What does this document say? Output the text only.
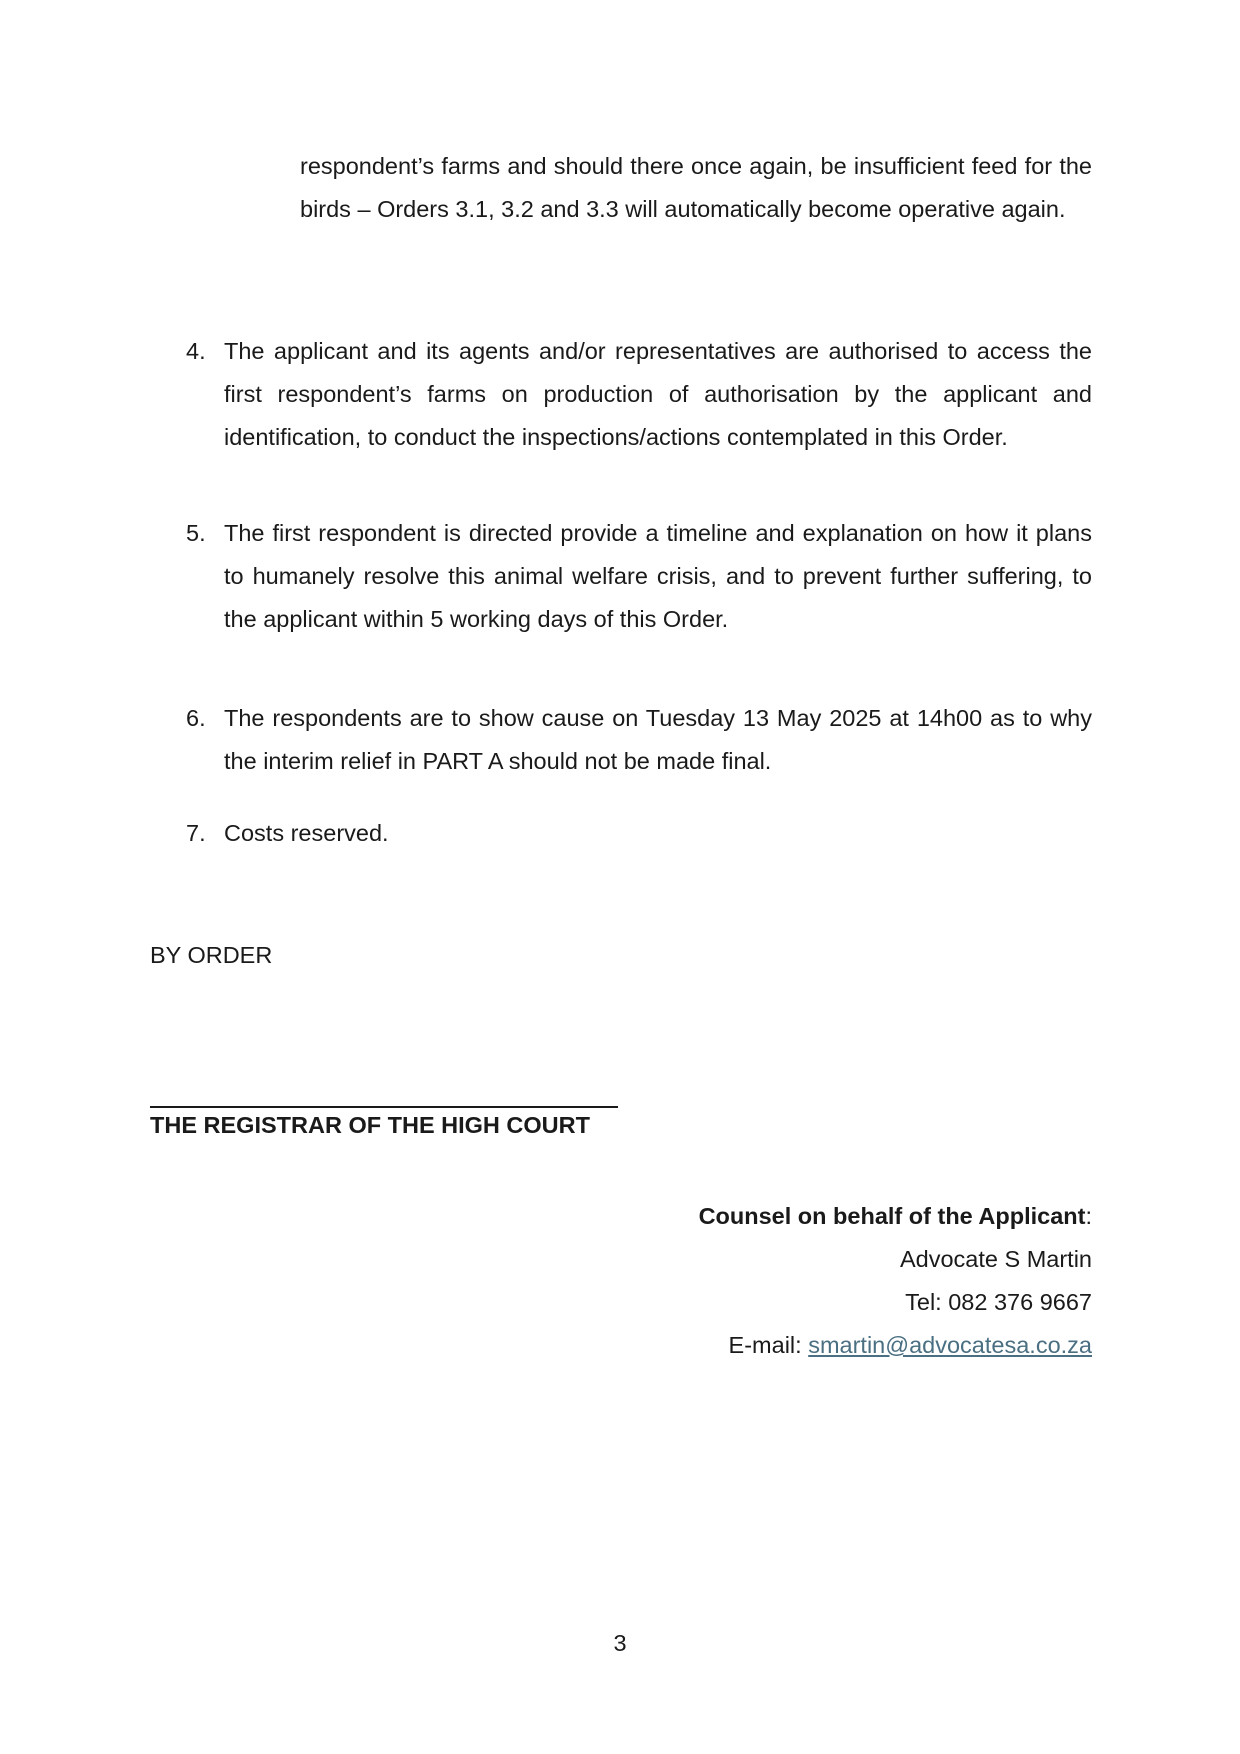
respondent’s farms and should there once again, be insufficient feed for the birds – Orders 3.1, 3.2 and 3.3 will automatically become operative again.
4. The applicant and its agents and/or representatives are authorised to access the first respondent’s farms on production of authorisation by the applicant and identification, to conduct the inspections/actions contemplated in this Order.
5. The first respondent is directed provide a timeline and explanation on how it plans to humanely resolve this animal welfare crisis, and to prevent further suffering, to the applicant within 5 working days of this Order.
6. The respondents are to show cause on Tuesday 13 May 2025 at 14h00 as to why the interim relief in PART A should not be made final.
7. Costs reserved.
BY ORDER
THE REGISTRAR OF THE HIGH COURT
Counsel on behalf of the Applicant:
Advocate S Martin
Tel: 082 376 9667
E-mail: smartin@advocatesa.co.za
3
